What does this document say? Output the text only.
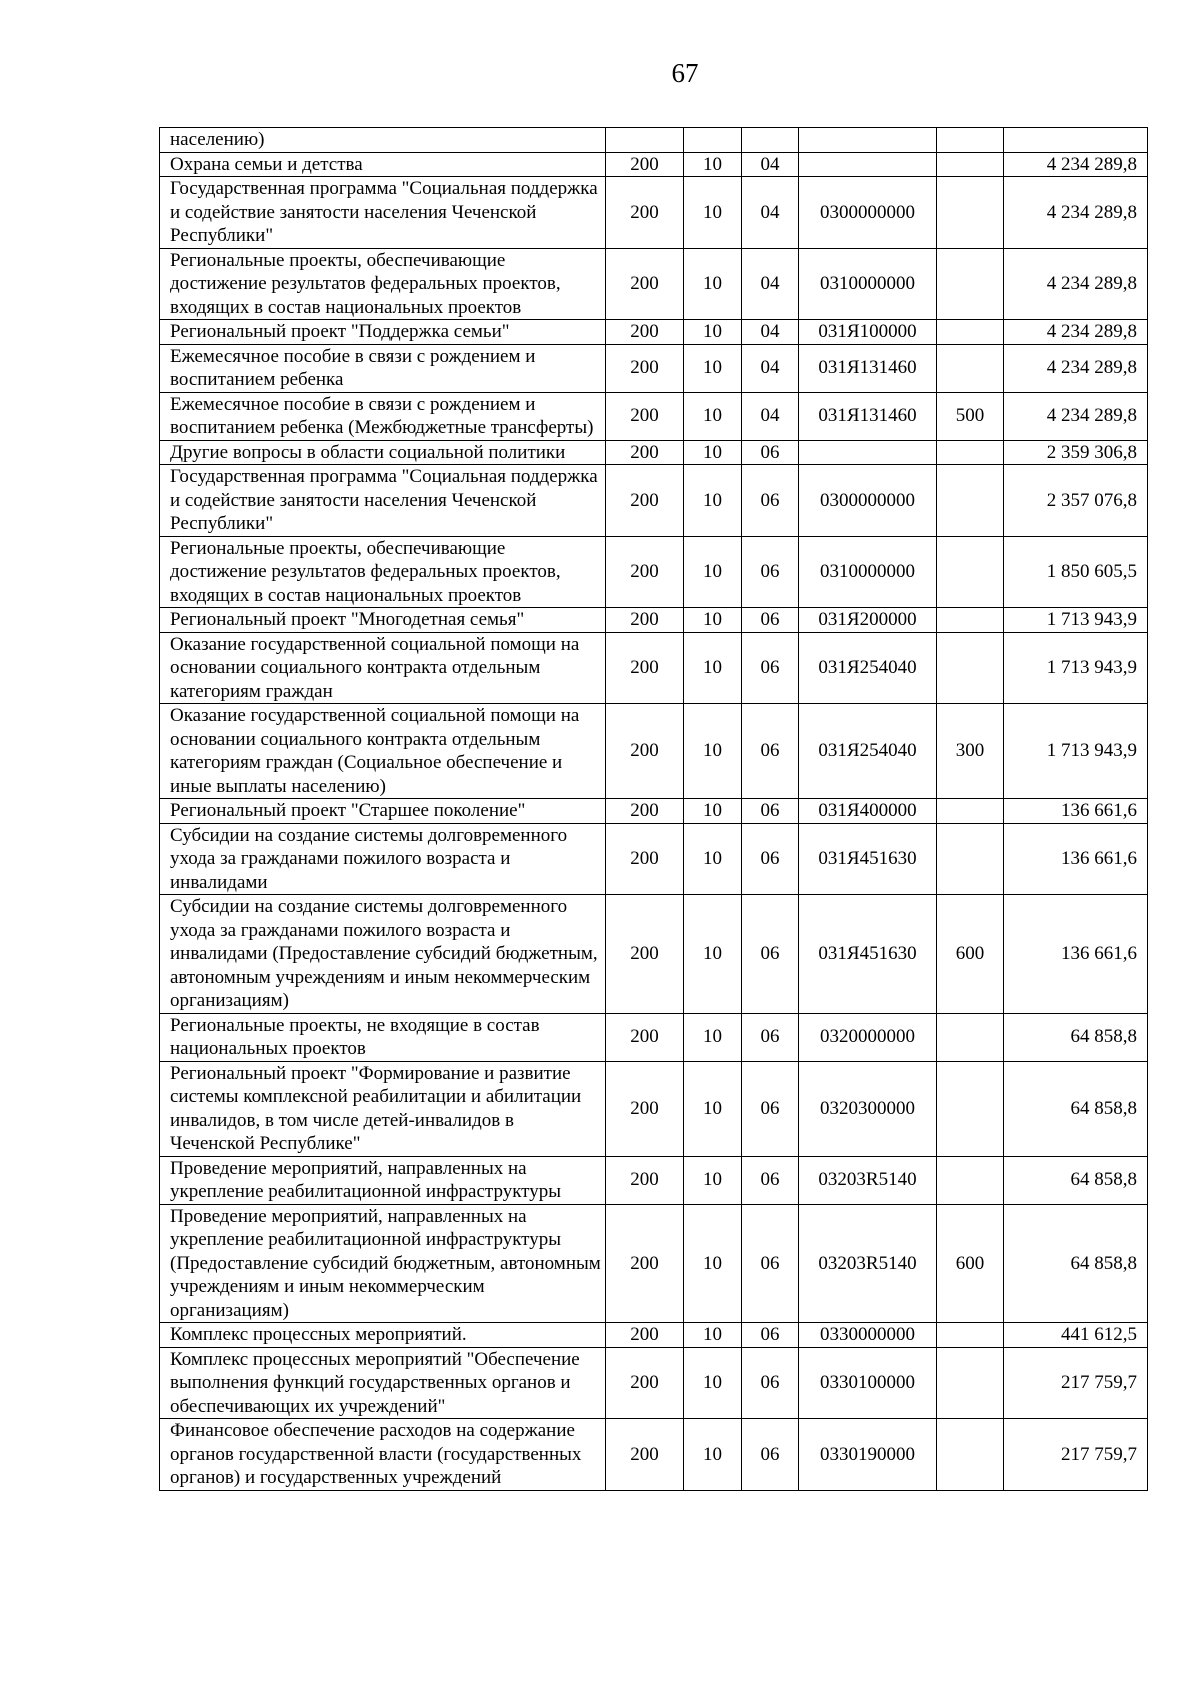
67
населению)						
Охрана семьи и детства	200	10	04			4 234 289,8
Государственная программа "Социальная поддержка и содействие занятости населения Чеченской Республики"	200	10	04	0300000000		4 234 289,8
Региональные проекты, обеспечивающие достижение результатов федеральных проектов, входящих в состав национальных проектов	200	10	04	0310000000		4 234 289,8
Региональный проект "Поддержка семьи"	200	10	04	031Я100000		4 234 289,8
Ежемесячное пособие в связи с рождением и воспитанием ребенка	200	10	04	031Я131460		4 234 289,8
Ежемесячное пособие в связи с рождением и воспитанием ребенка (Межбюджетные трансферты)	200	10	04	031Я131460	500	4 234 289,8
Другие вопросы в области социальной политики	200	10	06			2 359 306,8
Государственная программа "Социальная поддержка и содействие занятости населения Чеченской Республики"	200	10	06	0300000000		2 357 076,8
Региональные проекты, обеспечивающие достижение результатов федеральных проектов, входящих в состав национальных проектов	200	10	06	0310000000		1 850 605,5
Региональный проект "Многодетная семья"	200	10	06	031Я200000		1 713 943,9
Оказание государственной социальной помощи на основании социального контракта отдельным категориям граждан	200	10	06	031Я254040		1 713 943,9
Оказание государственной социальной помощи на основании социального контракта отдельным категориям граждан (Социальное обеспечение и иные выплаты населению)	200	10	06	031Я254040	300	1 713 943,9
Региональный проект "Старшее поколение"	200	10	06	031Я400000		136 661,6
Субсидии на создание системы долговременного ухода за гражданами пожилого возраста и инвалидами	200	10	06	031Я451630		136 661,6
Субсидии на создание системы долговременного ухода за гражданами пожилого возраста и инвалидами (Предоставление субсидий бюджетным, автономным учреждениям и иным некоммерческим организациям)	200	10	06	031Я451630	600	136 661,6
Региональные проекты, не входящие в состав национальных проектов	200	10	06	0320000000		64 858,8
Региональный проект "Формирование и развитие системы комплексной реабилитации и абилитации инвалидов, в том числе детей-инвалидов в Чеченской Республике"	200	10	06	0320300000		64 858,8
Проведение мероприятий, направленных на укрепление реабилитационной инфраструктуры	200	10	06	03203R5140		64 858,8
Проведение мероприятий, направленных на укрепление реабилитационной инфраструктуры (Предоставление субсидий бюджетным, автономным учреждениям и иным некоммерческим организациям)	200	10	06	03203R5140	600	64 858,8
Комплекс процессных мероприятий.	200	10	06	0330000000		441 612,5
Комплекс процессных мероприятий "Обеспечение выполнения функций государственных органов и обеспечивающих их учреждений"	200	10	06	0330100000		217 759,7
Финансовое обеспечение расходов на содержание органов государственной власти (государственных органов) и государственных учреждений	200	10	06	0330190000		217 759,7
